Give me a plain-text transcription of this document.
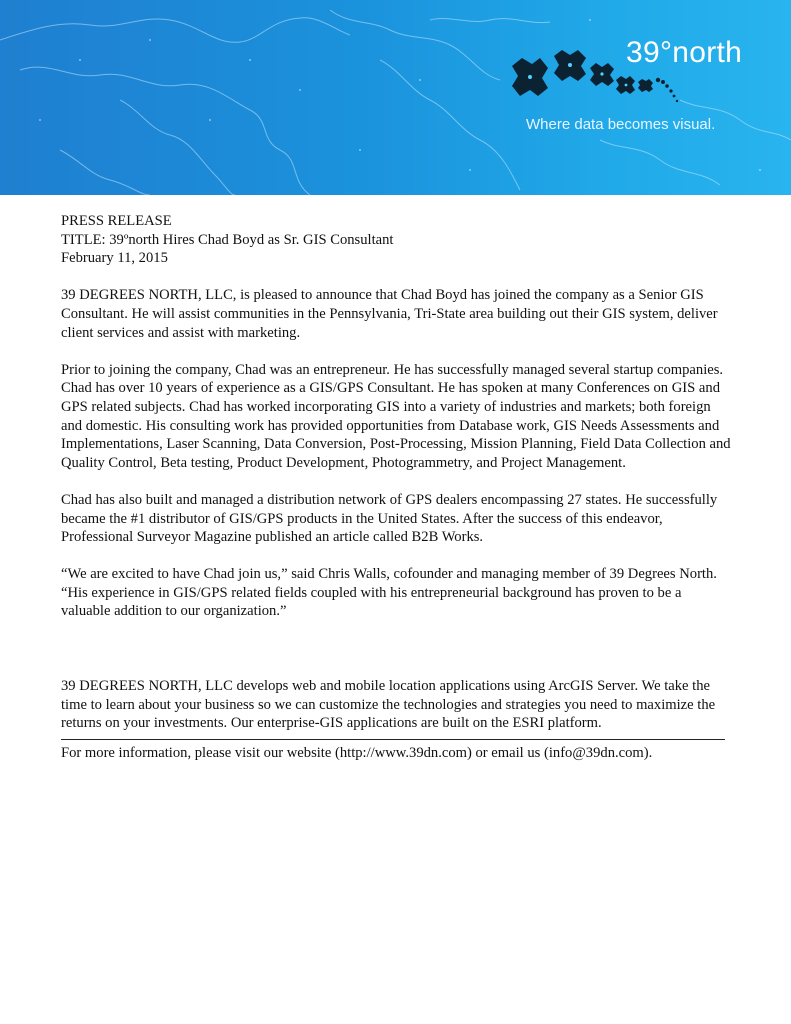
39°north
Where data becomes visual.

PRESS RELEASE

TITLE: 39ºnorth Hires Chad Boyd as Sr. GIS Consultant

February 11, 2015

39 DEGREES NORTH, LLC, is pleased to announce that Chad Boyd has joined the company as a Senior GIS Consultant. He will assist communities in the Pennsylvania, Tri-State area building out their GIS system, deliver client services and assist with marketing.

Prior to joining the company, Chad was an entrepreneur. He has successfully managed several startup companies. Chad has over 10 years of experience as a GIS/GPS Consultant. He has spoken at many Conferences on GIS and GPS related subjects. Chad has worked incorporating GIS into a variety of industries and markets; both foreign and domestic. His consulting work has provided opportunities from Database work, GIS Needs Assessments and Implementations, Laser Scanning, Data Conversion, Post-Processing, Mission Planning, Field Data Collection and Quality Control, Beta testing, Product Development, Photogrammetry, and Project Management.

Chad has also built and managed a distribution network of GPS dealers encompassing 27 states. He successfully became the #1 distributor of GIS/GPS products in the United States. After the success of this endeavor, Professional Surveyor Magazine published an article called B2B Works.

“We are excited to have Chad join us,” said Chris Walls, cofounder and managing member of 39 Degrees North. “His experience in GIS/GPS related fields coupled with his entrepreneurial background has proven to be a valuable addition to our organization.”

39 DEGREES NORTH, LLC develops web and mobile location applications using ArcGIS Server. We take the time to learn about your business so we can customize the technologies and strategies you need to maximize the returns on your investments. Our enterprise-GIS applications are built on the ESRI platform.

For more information, please visit our website (http://www.39dn.com) or email us (info@39dn.com).
